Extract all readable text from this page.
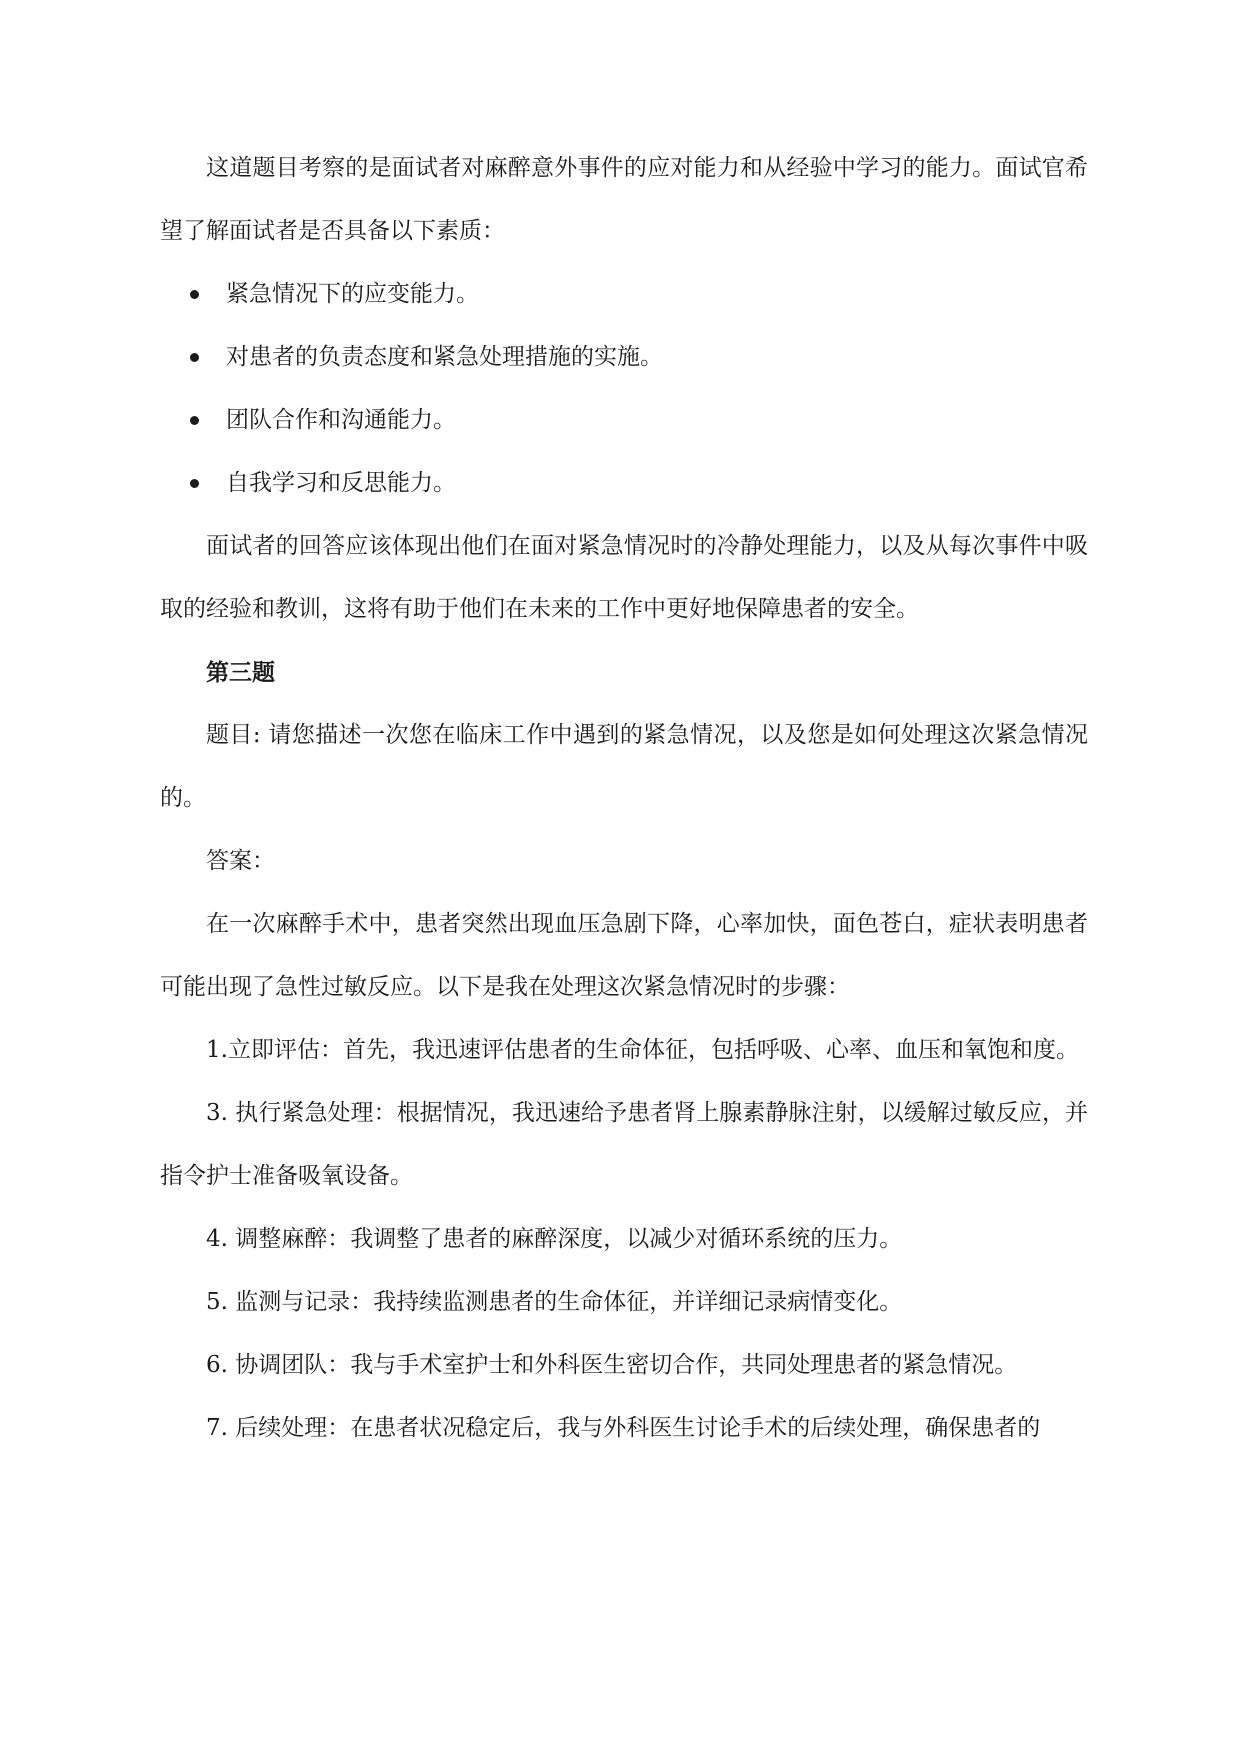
这道题目考察的是面试者对麻醉意外事件的应对能力和从经验中学习的能力。面试官希望了解面试者是否具备以下素质：

紧急情况下的应变能力。
对患者的负责态度和紧急处理措施的实施。
团队合作和沟通能力。
自我学习和反思能力。

面试者的回答应该体现出他们在面对紧急情况时的冷静处理能力，以及从每次事件中吸取的经验和教训，这将有助于他们在未来的工作中更好地保障患者的安全。

第三题

题目: 请您描述一次您在临床工作中遇到的紧急情况，以及您是如何处理这次紧急情况的。

答案：

在一次麻醉手术中，患者突然出现血压急剧下降，心率加快，面色苍白，症状表明患者可能出现了急性过敏反应。以下是我在处理这次紧急情况时的步骤：

1.立即评估：首先，我迅速评估患者的生命体征，包括呼吸、心率、血压和氧饱和度。

3. 执行紧急处理：根据情况，我迅速给予患者肾上腺素静脉注射，以缓解过敏反应，并指令护士准备吸氧设备。

4. 调整麻醉：我调整了患者的麻醉深度，以减少对循环系统的压力。

5. 监测与记录：我持续监测患者的生命体征，并详细记录病情变化。

6. 协调团队：我与手术室护士和外科医生密切合作，共同处理患者的紧急情况。

7. 后续处理：在患者状况稳定后，我与外科医生讨论手术的后续处理，确保患者的
